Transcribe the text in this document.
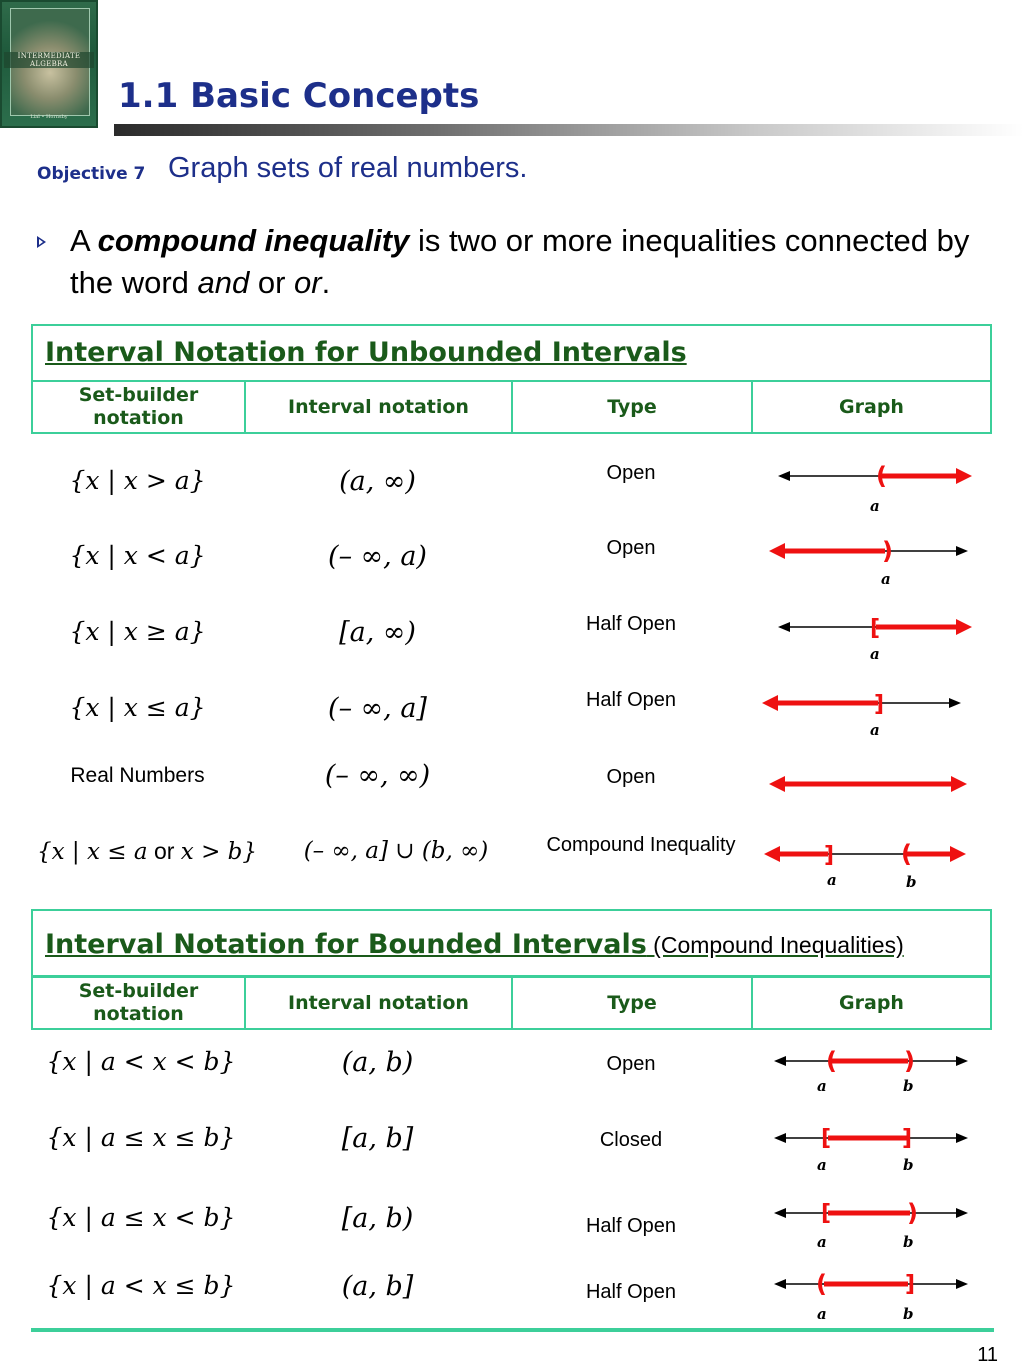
INTERMEDIATE ALGEBRA
Lial • Hornsby
1.1 Basic Concepts
Objective 7 Graph sets of real numbers.
A compound inequality is two or more inequalities connected by the word and or or.
Interval Notation for Unbounded Intervals
Set-builder notation
Interval notation	Type	Graph
{x | x > a}	(a, ∞)	Open
{x | x < a}	(– ∞, a)	Open
{x | x ≥ a}	[a, ∞)	Half Open
{x | x ≤ a}	(– ∞, a]	Half Open
Real Numbers	(– ∞, ∞)	Open
{x | x ≤ a or x > b}	(– ∞, a] ∪ (b, ∞)	Compound Inequality
Interval Notation for Bounded Intervals (Compound Inequalities)
Set-builder notation
Interval notation	Type	Graph
{x | a < x < b}	(a, b)	Open
{x | a ≤ x ≤ b}	[a, b]	Closed
{x | a ≤ x < b}	[a, b)	Half Open
{x | a < x ≤ b}	(a, b]	Half Open
(
a
)
a
[
a
]
a
]	(
a	b
(	)
a	b
[	]
a	b
[	)
a	b
(	]
a	b
11
